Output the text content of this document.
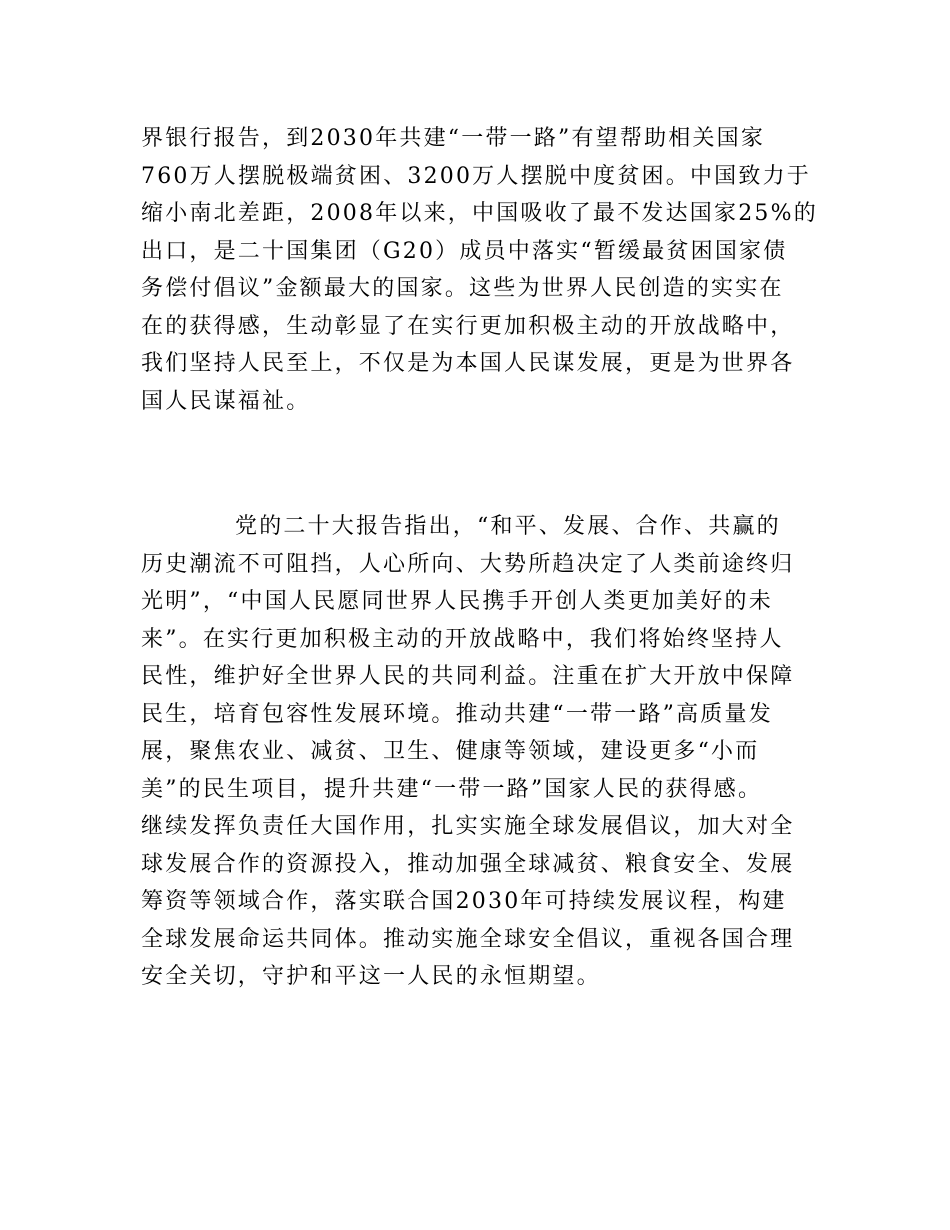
界银行报告，到2030年共建“一带一路”有望帮助相关国家
760万人摆脱极端贫困、3200万人摆脱中度贫困。中国致力于
缩小南北差距，2008年以来，中国吸收了最不发达国家25%的
出口，是二十国集团（G20）成员中落实“暂缓最贫困国家债
务偿付倡议”金额最大的国家。这些为世界人民创造的实实在
在的获得感，生动彰显了在实行更加积极主动的开放战略中，
我们坚持人民至上，不仅是为本国人民谋发展，更是为世界各
国人民谋福祉。
党的二十大报告指出，“和平、发展、合作、共赢的
历史潮流不可阻挡，人心所向、大势所趋决定了人类前途终归
光明”，“中国人民愿同世界人民携手开创人类更加美好的未
来”。在实行更加积极主动的开放战略中，我们将始终坚持人
民性，维护好全世界人民的共同利益。注重在扩大开放中保障
民生，培育包容性发展环境。推动共建“一带一路”高质量发
展，聚焦农业、减贫、卫生、健康等领域，建设更多“小而
美”的民生项目，提升共建“一带一路”国家人民的获得感。
继续发挥负责任大国作用，扎实实施全球发展倡议，加大对全
球发展合作的资源投入，推动加强全球减贫、粮食安全、发展
筹资等领域合作，落实联合国2030年可持续发展议程，构建
全球发展命运共同体。推动实施全球安全倡议，重视各国合理
安全关切，守护和平这一人民的永恒期望。
